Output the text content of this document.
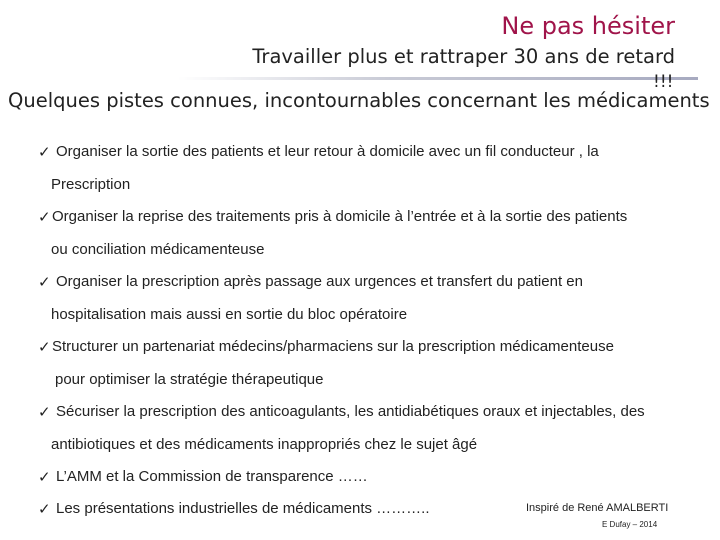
Ne pas hésiter
Travailler plus et rattraper 30 ans de retard
!!!
Quelques pistes connues, incontournables concernant les médicaments
✓ Organiser la sortie des patients et leur retour à domicile avec un fil conducteur , la
Prescription
✓ Organiser la reprise des traitements pris à domicile à l’entrée et à la sortie des patients
ou conciliation médicamenteuse
✓ Organiser la prescription après passage aux urgences et transfert du patient en
hospitalisation mais aussi en sortie du bloc opératoire
✓ Structurer un partenariat médecins/pharmaciens sur la prescription médicamenteuse
pour optimiser la stratégie thérapeutique
✓ Sécuriser la prescription des anticoagulants, les antidiabétiques oraux et injectables, des
antibiotiques et des médicaments inappropriés chez le sujet âgé
✓ L’AMM et la Commission de transparence ……
✓ Les présentations industrielles de médicaments ………..	Inspiré de René AMALBERTI
E Dufay – 2014
